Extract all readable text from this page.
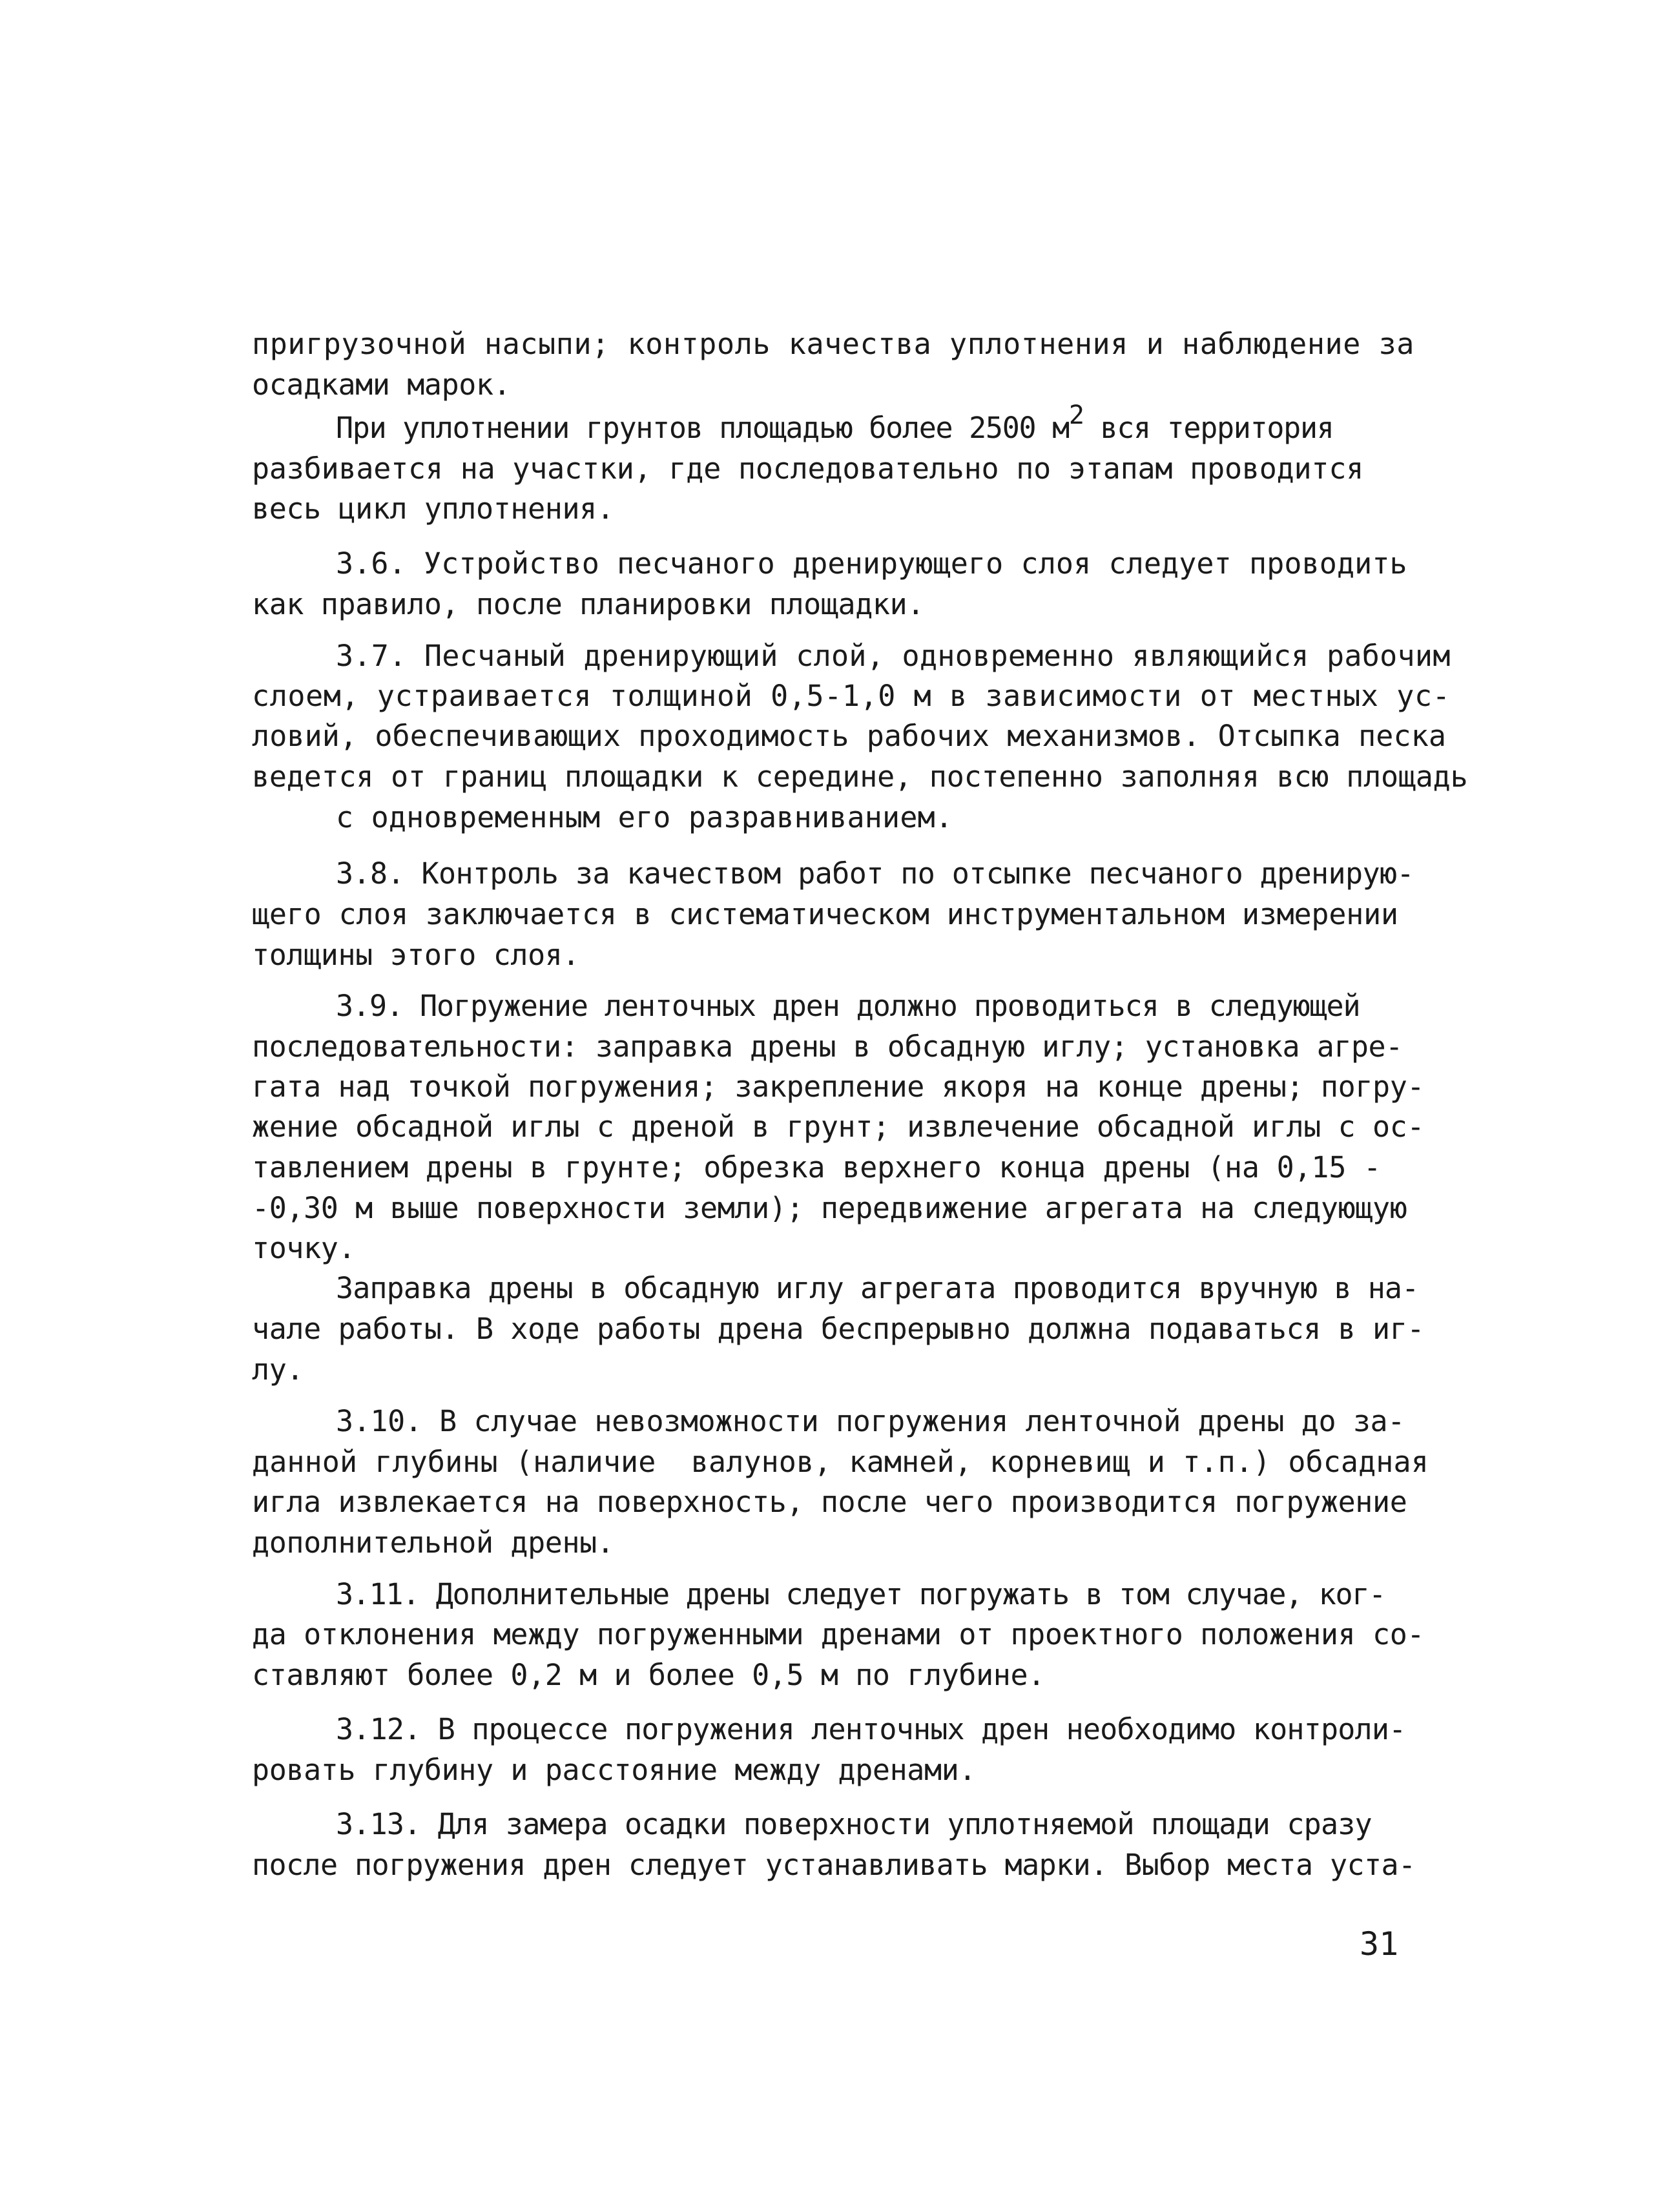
пригрузочной насыпи; контроль качества уплотнения и наблюдение за
осадками марок.
При уплотнении грунтов площадью более 2500 м2 вся территория
разбивается на участки, где последовательно по этапам проводится
весь цикл уплотнения.
3.6. Устройство песчаного дренирующего слоя следует проводить
как правило, после планировки площадки.
3.7. Песчаный дренирующий слой, одновременно являющийся рабочим
слоем, устраивается толщиной 0,5-1,0 м в зависимости от местных ус-
ловий, обеспечивающих проходимость рабочих механизмов. Отсыпка песка
ведется от границ площадки к середине, постепенно заполняя всю площадь
с одновременным его разравниванием.
3.8. Контроль за качеством работ по отсыпке песчаного дренирую-
щего слоя заключается в систематическом инструментальном измерении
толщины этого слоя.
3.9. Погружение ленточных дрен должно проводиться в следующей
последовательности: заправка дрены в обсадную иглу; установка агре-
гата над точкой погружения; закрепление якоря на конце дрены; погру-
жение обсадной иглы с дреной в грунт; извлечение обсадной иглы с ос-
тавлением дрены в грунте; обрезка верхнего конца дрены (на 0,15 -
-0,30 м выше поверхности земли); передвижение агрегата на следующую
точку.
Заправка дрены в обсадную иглу агрегата проводится вручную в на-
чале работы. В ходе работы дрена беспрерывно должна подаваться в иг-
лу.
3.10. В случае невозможности погружения ленточной дрены до за-
данной глубины (наличие  валунов, камней, корневищ и т.п.) обсадная
игла извлекается на поверхность, после чего производится погружение
дополнительной дрены.
3.11. Дополнительные дрены следует погружать в том случае, ког-
да отклонения между погруженными дренами от проектного положения со-
ставляют более 0,2 м и более 0,5 м по глубине.
3.12. В процессе погружения ленточных дрен необходимо контроли-
ровать глубину и расстояние между дренами.
3.13. Для замера осадки поверхности уплотняемой площади сразу
после погружения дрен следует устанавливать марки. Выбор места уста-
31
